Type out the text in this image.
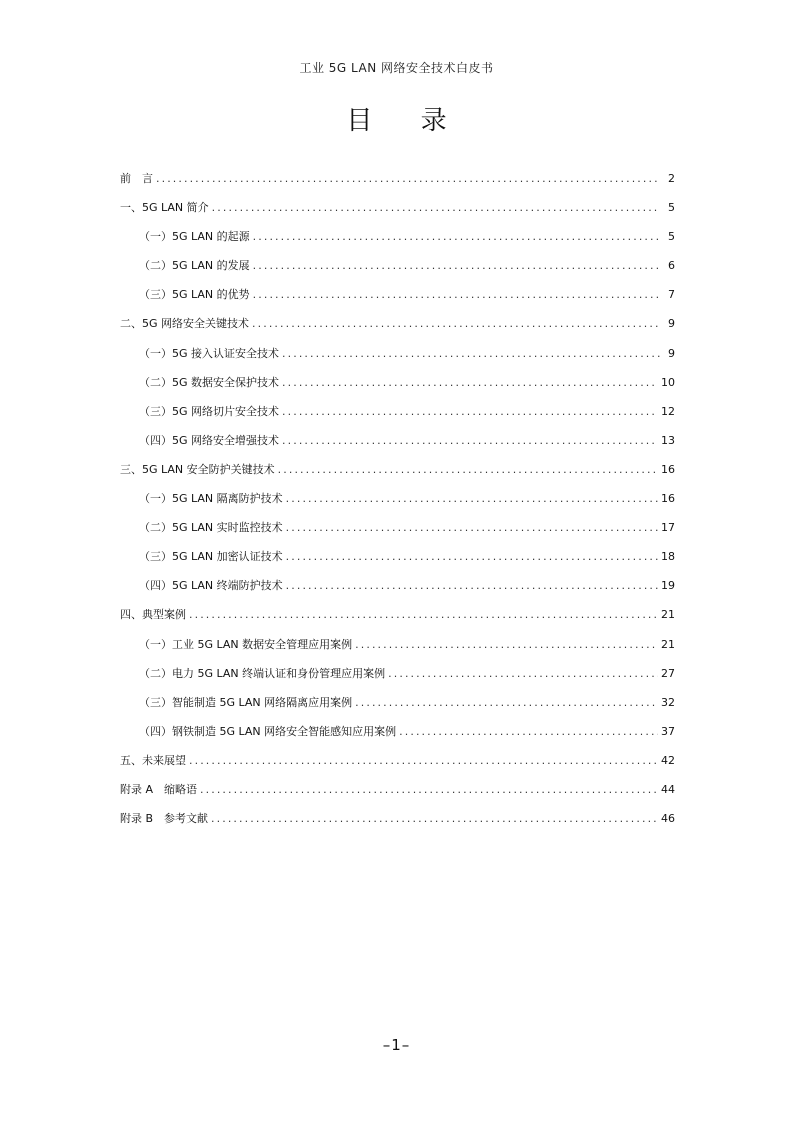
工业 5G LAN 网络安全技术白皮书
目 录
前　言 .....	2
一、5G LAN 简介 .....	5
（一）5G LAN 的起源 .....	5
（二）5G LAN 的发展 .....	6
（三）5G LAN 的优势 .....	7
二、5G 网络安全关键技术 .....	9
（一）5G 接入认证安全技术 .....	9
（二）5G 数据安全保护技术 .....	10
（三）5G 网络切片安全技术 .....	12
（四）5G 网络安全增强技术 .....	13
三、5G LAN 安全防护关键技术 .....	16
（一）5G LAN 隔离防护技术 .....	16
（二）5G LAN 实时监控技术 .....	17
（三）5G LAN 加密认证技术 .....	18
（四）5G LAN 终端防护技术 .....	19
四、典型案例 .....	21
（一）工业 5G LAN 数据安全管理应用案例 .....	21
（二）电力 5G LAN 终端认证和身份管理应用案例 .....	27
（三）智能制造 5G LAN 网络隔离应用案例 .....	32
（四）钢铁制造 5G LAN 网络安全智能感知应用案例 .....	37
五、未来展望 .....	42
附录 A　缩略语 .....	44
附录 B　参考文献 .....	46
–1–
